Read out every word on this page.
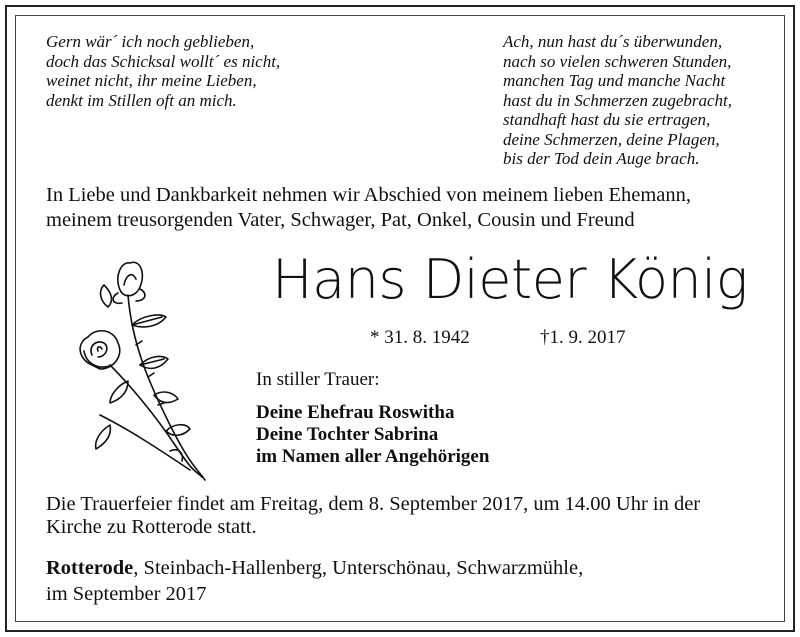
Gern wär´ ich noch geblieben,
doch das Schicksal wollt´ es nicht,
weinet nicht, ihr meine Lieben,
denkt im Stillen oft an mich.
Ach, nun hast du´s überwunden,
nach so vielen schweren Stunden,
manchen Tag und manche Nacht
hast du in Schmerzen zugebracht,
standhaft hast du sie ertragen,
deine Schmerzen, deine Plagen,
bis der Tod dein Auge brach.
In Liebe und Dankbarkeit nehmen wir Abschied von meinem lieben Ehemann,
meinem treusorgenden Vater, Schwager, Pat, Onkel, Cousin und Freund
Hans Dieter König
* 31. 8. 1942	†1. 9. 2017
In stiller Trauer:
Deine Ehefrau Roswitha
Deine Tochter Sabrina
im Namen aller Angehörigen
Die Trauerfeier findet am Freitag, dem 8. September 2017, um 14.00 Uhr in der
Kirche zu Rotterode statt.
Rotterode, Steinbach-Hallenberg, Unterschönau, Schwarzmühle,
im September 2017
